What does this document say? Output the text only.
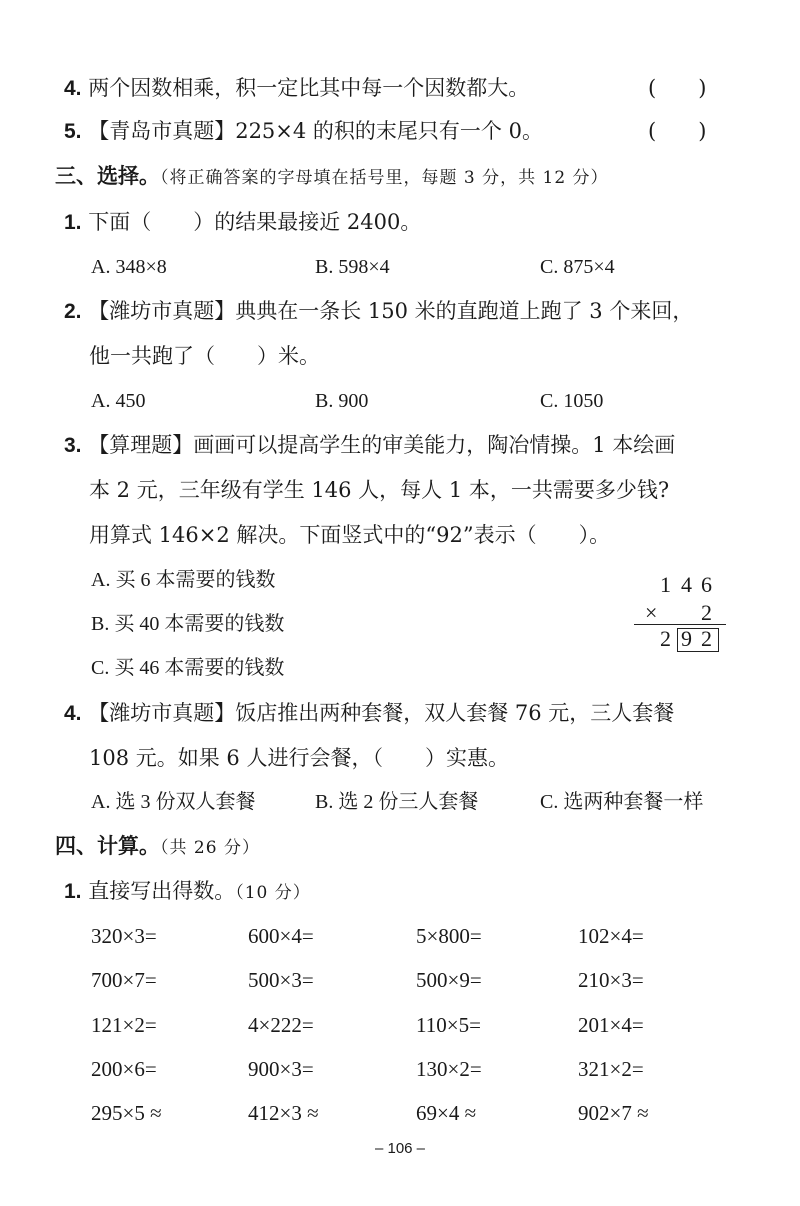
4. 两个因数相乘，积一定比其中每一个因数都大。	(　　)
5. 【青岛市真题】225×4 的积的末尾只有一个 0。	(　　)
三、选择。（将正确答案的字母填在括号里，每题 3 分，共 12 分）
1. 下面（　　）的结果最接近 2400。
A. 348×8	B. 598×4	C. 875×4
2. 【潍坊市真题】典典在一条长 150 米的直跑道上跑了 3 个来回，
他一共跑了（　　）米。
A. 450	B. 900	C. 1050
3. 【算理题】画画可以提高学生的审美能力，陶冶情操。1 本绘画
本 2 元，三年级有学生 146 人，每人 1 本，一共需要多少钱?
用算式 146×2 解决。下面竖式中的“92”表示（　　）。
A. 买 6 本需要的钱数
B. 买 40 本需要的钱数
C. 买 46 本需要的钱数
1 4 6
× 2
2 9 2
4. 【潍坊市真题】饭店推出两种套餐，双人套餐 76 元，三人套餐
108 元。如果 6 人进行会餐，（　　）实惠。
A. 选 3 份双人套餐	B. 选 2 份三人套餐	C. 选两种套餐一样
四、计算。（共 26 分）
1. 直接写出得数。（10 分）
320×3=	600×4=	5×800=	102×4=
700×7=	500×3=	500×9=	210×3=
121×2=	4×222=	110×5=	201×4=
200×6=	900×3=	130×2=	321×2=
295×5 ≈	412×3 ≈	69×4 ≈	902×7 ≈
– 106 –
